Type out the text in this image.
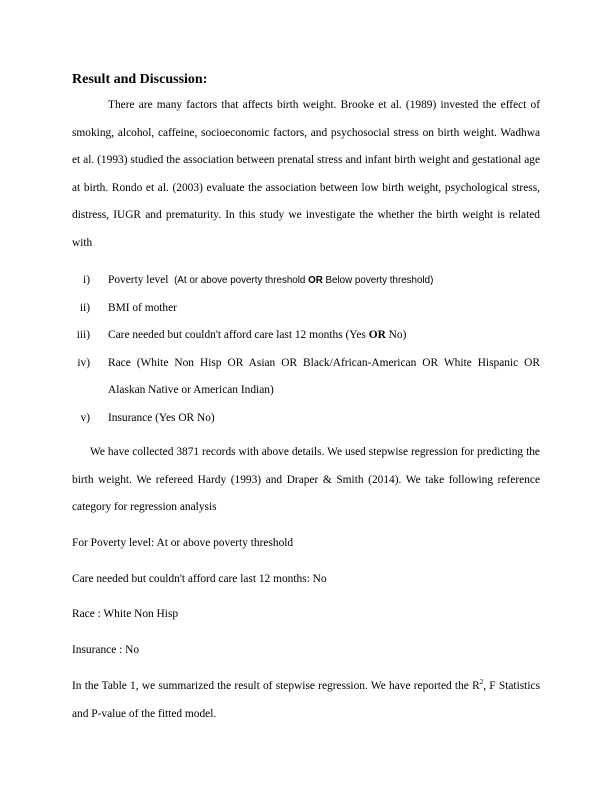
Result and Discussion:

There are many factors that affects birth weight. Brooke et al. (1989) invested the effect of smoking, alcohol, caffeine, socioeconomic factors, and psychosocial stress on birth weight. Wadhwa et al. (1993) studied the association between prenatal stress and infant birth weight and gestational age at birth. Rondo et al. (2003) evaluate the association between low birth weight, psychological stress, distress, IUGR and prematurity. In this study we investigate the whether the birth weight is related with

i) Poverty level (At or above poverty threshold OR Below poverty threshold)
ii) BMI of mother
iii) Care needed but couldn't afford care last 12 months (Yes OR No)
iv) Race (White Non Hisp OR Asian OR Black/African-American OR White Hispanic OR Alaskan Native or American Indian)
v) Insurance (Yes OR No)

We have collected 3871 records with above details. We used stepwise regression for predicting the birth weight. We refereed Hardy (1993) and Draper & Smith (2014). We take following reference category for regression analysis

For Poverty level: At or above poverty threshold

Care needed but couldn't afford care last 12 months: No

Race : White Non Hisp

Insurance : No

In the Table 1, we summarized the result of stepwise regression. We have reported the $R^2$, F Statistics and P-value of the fitted model.
